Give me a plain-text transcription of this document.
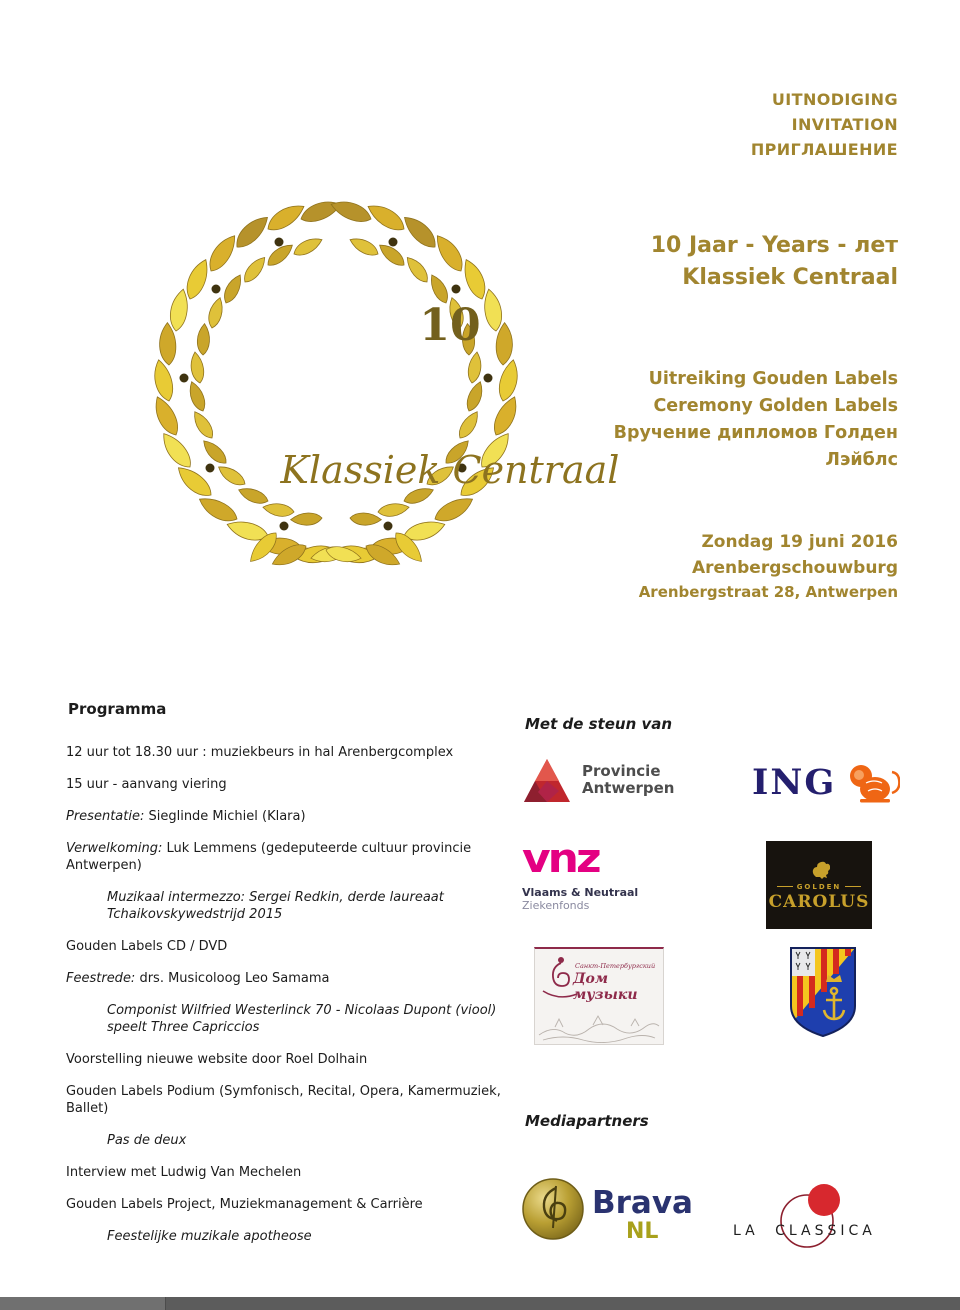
UITNODIGING
INVITATION
ПРИГЛАШЕНИЕ
10
Klassiek Centraal
10 Jaar - Years - лет
Klassiek Centraal
Uitreiking Gouden Labels
Ceremony Golden Labels
Вручение дипломов Голден
Лэйблс
Zondag 19 juni 2016
Arenbergschouwburg
Arenbergstraat 28, Antwerpen
Programma
12 uur tot 18.30 uur : muziekbeurs in hal Arenbergcomplex
15 uur - aanvang viering
Presentatie: Sieglinde Michiel (Klara)
Verwelkoming: Luk Lemmens (gedeputeerde cultuur provincie Antwerpen)
Muzikaal intermezzo: Sergei Redkin, derde laureaat Tchaikovskywedstrijd 2015
Gouden Labels CD / DVD
Feestrede: drs. Musicoloog Leo Samama
Componist Wilfried Westerlinck 70 - Nicolaas Dupont (viool) speelt Three Capriccios
Voorstelling nieuwe website door Roel Dolhain
Gouden Labels Podium (Symfonisch, Recital, Opera, Kamermuziek, Ballet)
Pas de deux
Interview met Ludwig Van Mechelen
Gouden Labels Project, Muziekmanagement & Carrière
Feestelijke muzikale apotheose
Met de steun van
Provincie
Antwerpen ING
vnz
Vlaams & Neutraal
Ziekenfonds
GOLDEN
CAROLUS
Санкт-Петербургский
Дом музыки
Mediapartners
Brava
NL	LA CLASSICA
